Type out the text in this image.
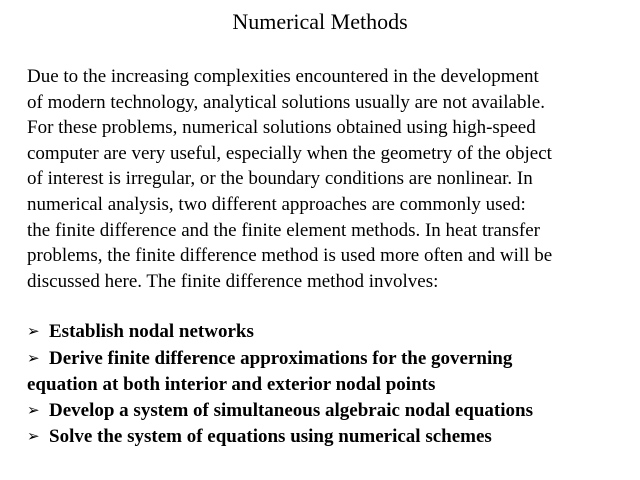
Numerical Methods
Due to the increasing complexities encountered in the development
of modern technology, analytical solutions usually are not available.
For these problems, numerical solutions obtained using high-speed
computer are very useful, especially when the geometry of the object
of interest is irregular, or the boundary conditions are nonlinear. In
numerical analysis, two different approaches are commonly used:
the finite difference and the finite element methods. In heat transfer
problems, the finite difference method is used more often and will be
discussed here. The finite difference method involves:
➢ Establish nodal networks
➢ Derive finite difference approximations for the governing
equation at both interior and exterior nodal points
➢ Develop a system of simultaneous algebraic nodal equations
➢ Solve the system of equations using numerical schemes
